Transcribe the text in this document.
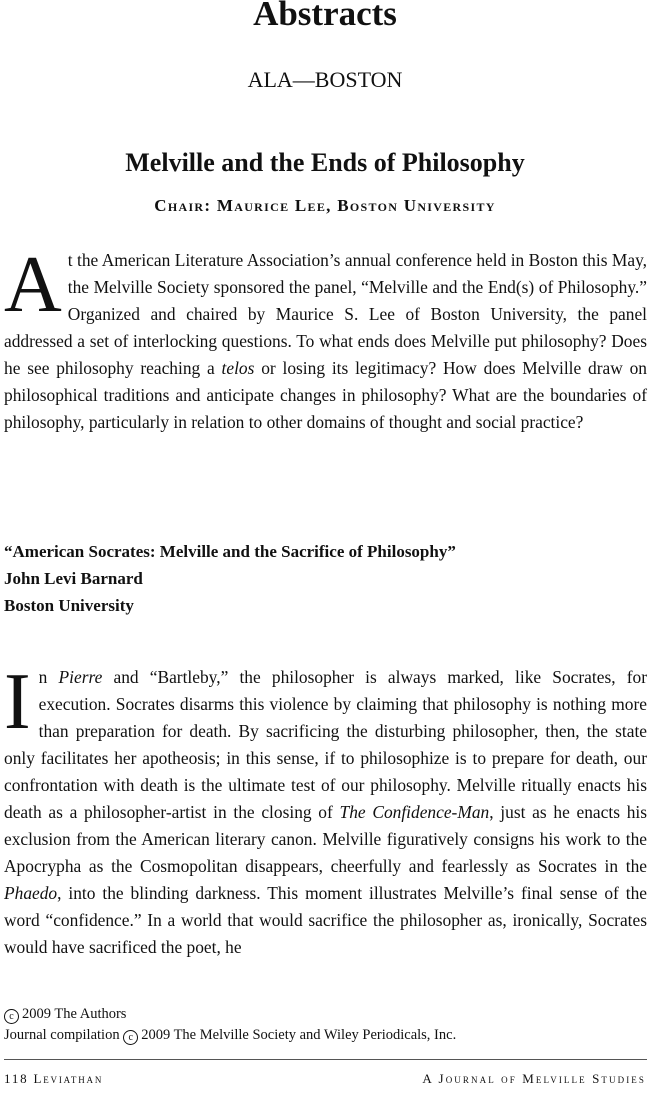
Abstracts
ALA—BOSTON
Melville and the Ends of Philosophy
Chair: Maurice Lee, Boston University

At the American Literature Association’s annual conference held in Boston this May, the Melville Society sponsored the panel, “Melville and the End(s) of Philosophy.” Organized and chaired by Maurice S. Lee of Boston University, the panel addressed a set of interlocking questions. To what ends does Melville put philosophy? Does he see philosophy reaching a telos or losing its legitimacy? How does Melville draw on philosophical traditions and anticipate changes in philosophy? What are the boundaries of philosophy, particularly in relation to other domains of thought and social practice?

“American Socrates: Melville and the Sacrifice of Philosophy”
John Levi Barnard
Boston University

In Pierre and “Bartleby,” the philosopher is always marked, like Socrates, for execution. Socrates disarms this violence by claiming that philosophy is nothing more than preparation for death. By sacrificing the disturbing philosopher, then, the state only facilitates her apotheosis; in this sense, if to philosophize is to prepare for death, our confrontation with death is the ultimate test of our philosophy. Melville ritually enacts his death as a philosopher-artist in the closing of The Confidence-Man, just as he enacts his exclusion from the American literary canon. Melville figuratively consigns his work to the Apocrypha as the Cosmopolitan disappears, cheerfully and fearlessly as Socrates in the Phaedo, into the blinding darkness. This moment illustrates Melville’s final sense of the word “confidence.” In a world that would sacrifice the philosopher as, ironically, Socrates would have sacrificed the poet, he

c 2009 The Authors
Journal compilation c 2009 The Melville Society and Wiley Periodicals, Inc.
118 Leviathan	A Journal of Melville Studies
